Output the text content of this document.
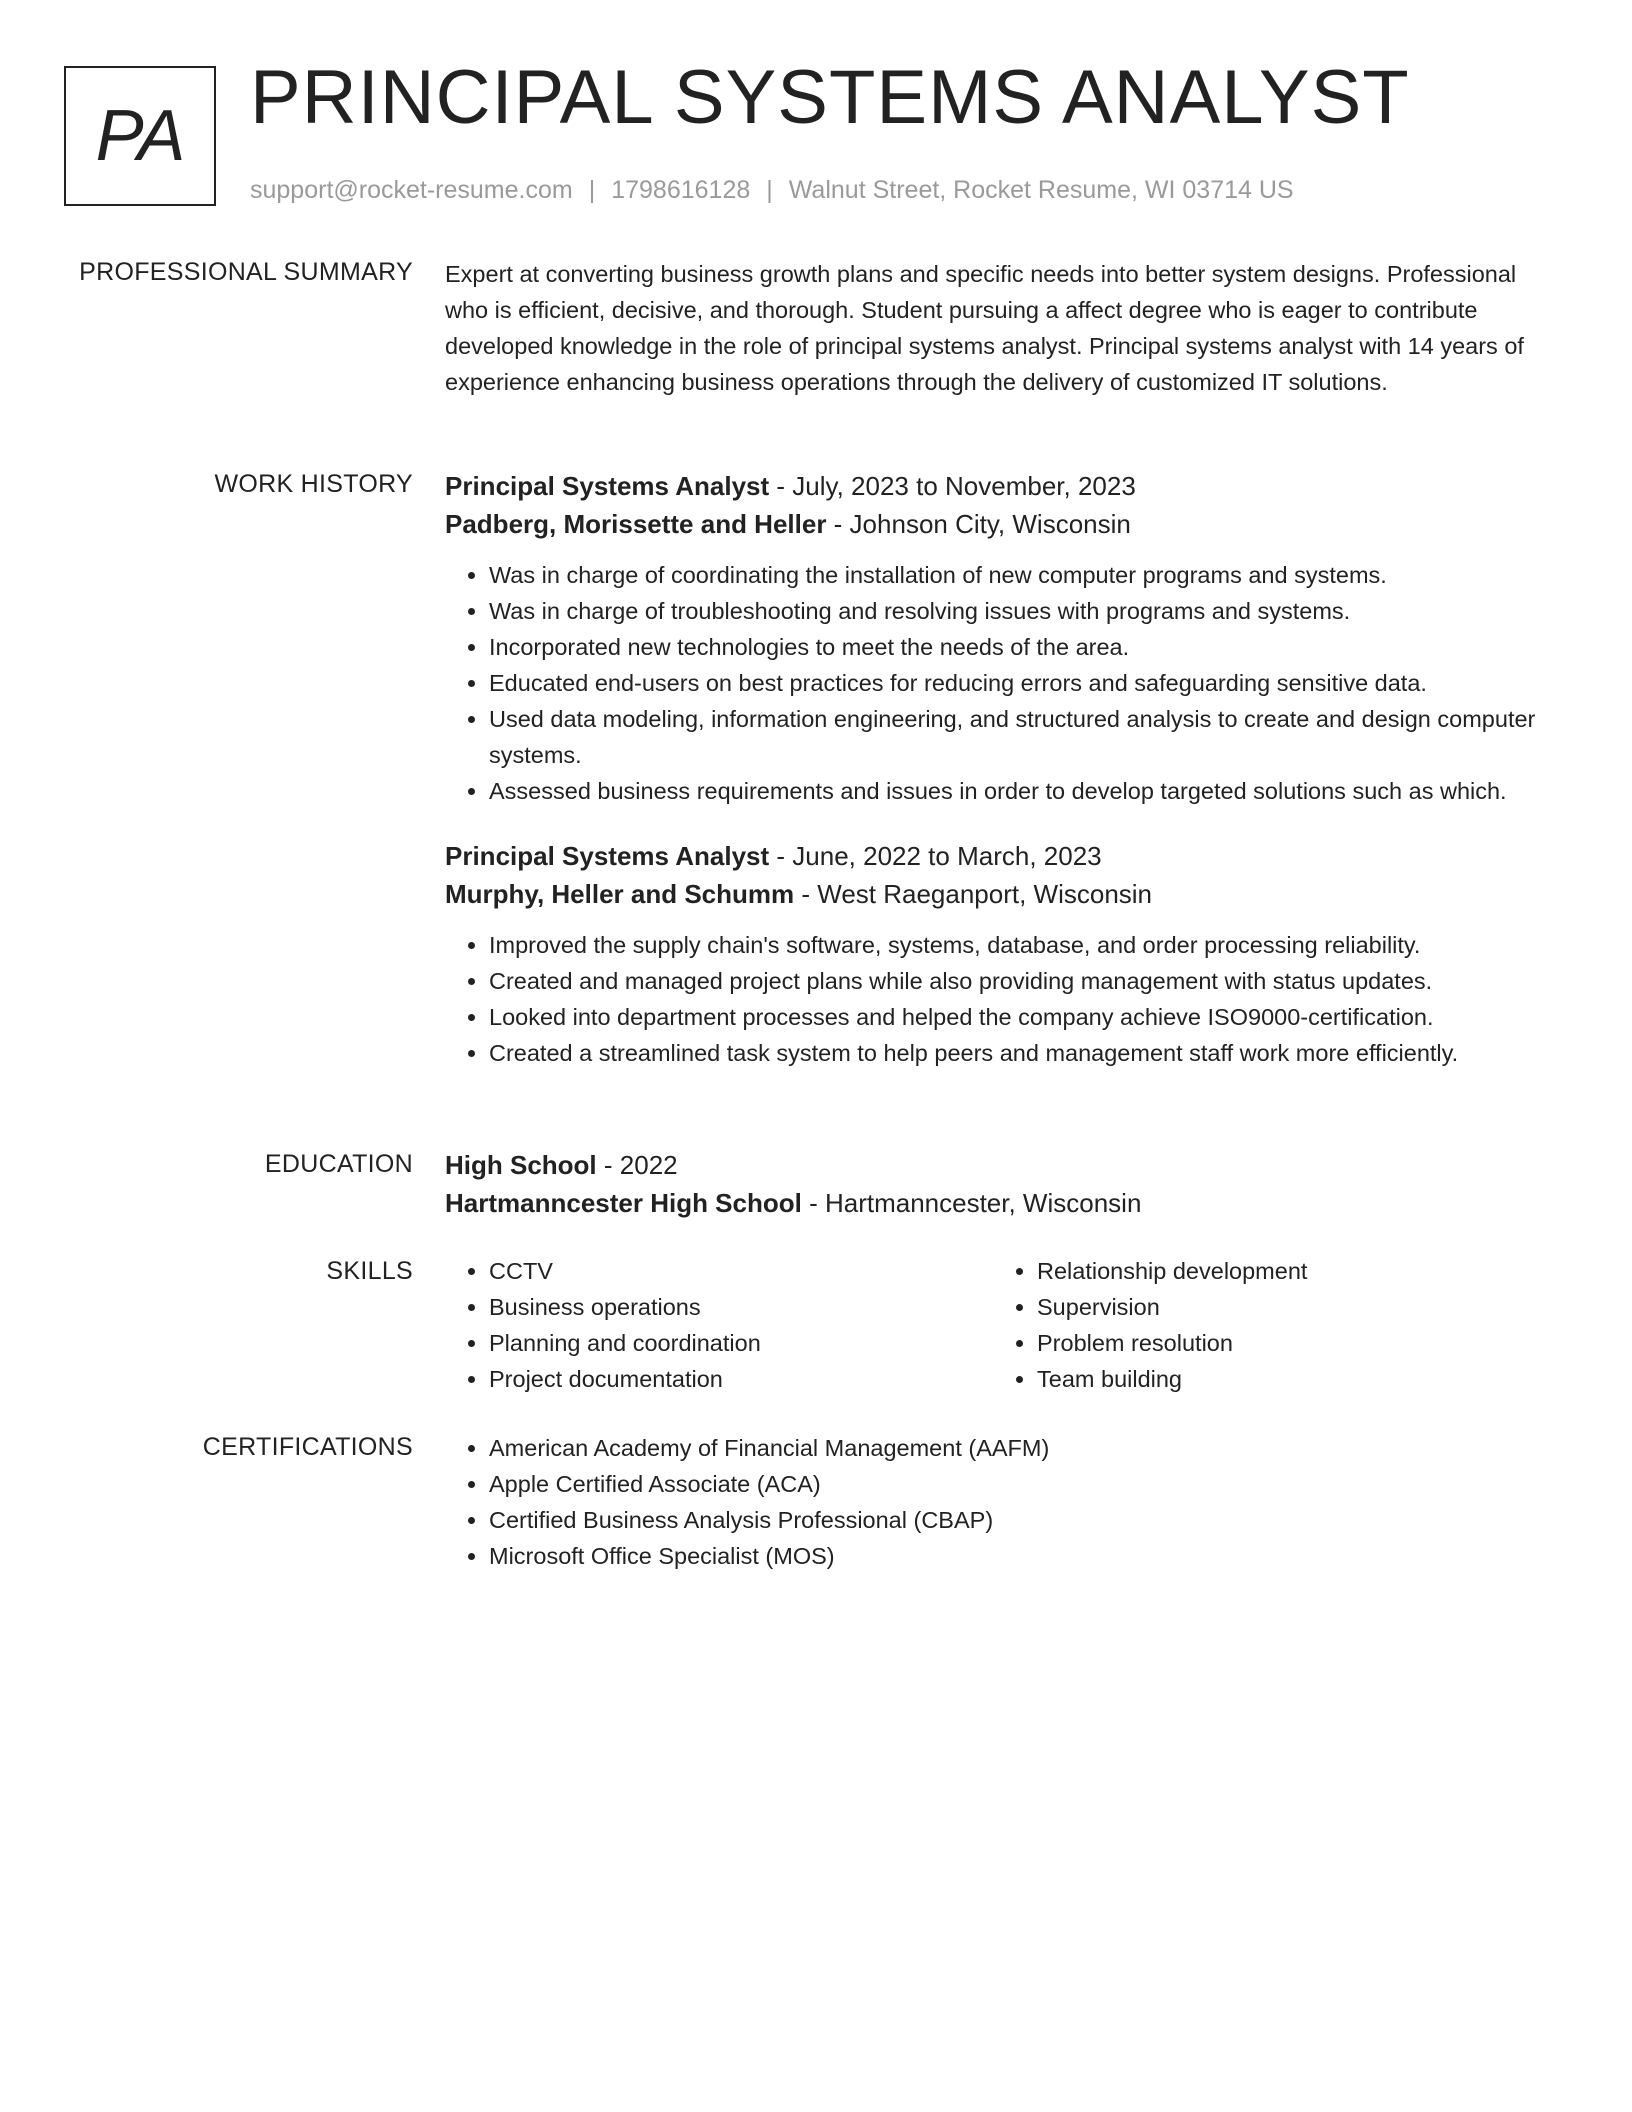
PA PRINCIPAL SYSTEMS ANALYST
support@rocket-resume.com | 1798616128 | Walnut Street, Rocket Resume, WI 03714 US
PROFESSIONAL SUMMARY Expert at converting business growth plans and specific needs into better system designs. Professional who is efficient, decisive, and thorough. Student pursuing a affect degree who is eager to contribute developed knowledge in the role of principal systems analyst. Principal systems analyst with 14 years of experience enhancing business operations through the delivery of customized IT solutions.

WORK HISTORY Principal Systems Analyst - July, 2023 to November, 2023
Padberg, Morissette and Heller - Johnson City, Wisconsin
• Was in charge of coordinating the installation of new computer programs and systems.
• Was in charge of troubleshooting and resolving issues with programs and systems.
• Incorporated new technologies to meet the needs of the area.
• Educated end-users on best practices for reducing errors and safeguarding sensitive data.
• Used data modeling, information engineering, and structured analysis to create and design computer systems.
• Assessed business requirements and issues in order to develop targeted solutions such as which.
Principal Systems Analyst - June, 2022 to March, 2023
Murphy, Heller and Schumm - West Raeganport, Wisconsin
• Improved the supply chain's software, systems, database, and order processing reliability.
• Created and managed project plans while also providing management with status updates.
• Looked into department processes and helped the company achieve ISO9000-certification.
• Created a streamlined task system to help peers and management staff work more efficiently.
EDUCATION High School - 2022
Hartmanncester High School - Hartmanncester, Wisconsin
SKILLS	• CCTV
• Business operations
• Planning and coordination
• Project documentation
• Relationship development
• Supervision
• Problem resolution
• Team building
CERTIFICATIONS	• American Academy of Financial Management (AAFM)
• Apple Certified Associate (ACA)
• Certified Business Analysis Professional (CBAP)
• Microsoft Office Specialist (MOS)
